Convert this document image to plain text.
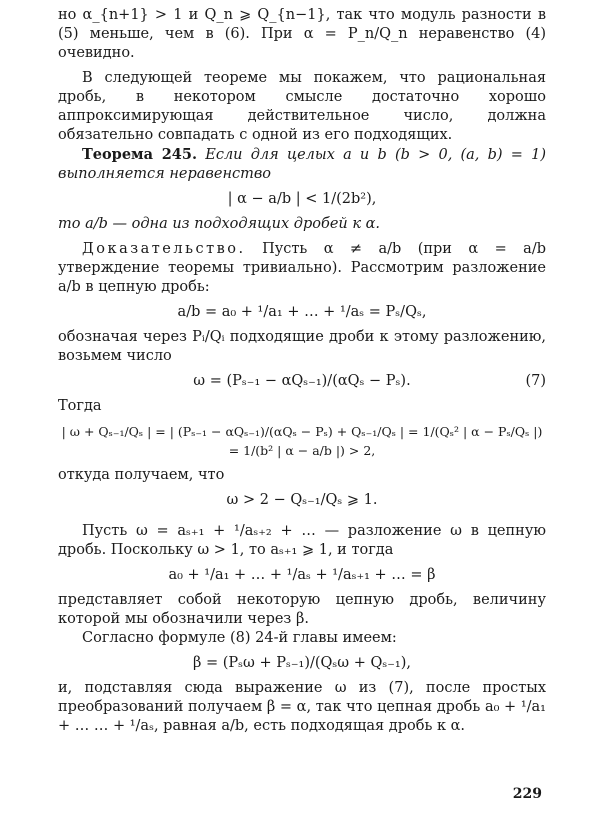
но α_{n+1} > 1 и Q_n ⩾ Q_{n−1}, так что модуль разности в (5) меньше, чем в (6). При α = P_n/Q_n неравенство (4) очевидно.

В следующей теореме мы покажем, что рациональная дробь, в некотором смысле достаточно хорошо аппроксимирующая действительное число, должна обязательно совпадать с одной из его подходящих.

Теорема 245. Если для целых a и b (b > 0, (a, b) = 1) выполняется неравенство

| α − a/b | < 1/(2b²),

то a/b — одна из подходящих дробей к α.

Доказательство. Пусть α ≠ a/b (при α = a/b утверждение теоремы тривиально). Рассмотрим разложение a/b в цепную дробь:

a/b = a₀ + ¹/a₁ + … + ¹/aₛ = Pₛ/Qₛ,

обозначая через Pᵢ/Qᵢ подходящие дроби к этому разложению, возьмем число

ω = (Pₛ₋₁ − αQₛ₋₁)/(αQₛ − Pₛ).	(7)

Тогда

| ω + Qₛ₋₁/Qₛ | = | (Pₛ₋₁ − αQₛ₋₁)/(αQₛ − Pₛ) + Qₛ₋₁/Qₛ | = 1/(Qₛ² | α − Pₛ/Qₛ |) = 1/(b² | α − a/b |) > 2,

откуда получаем, что

ω > 2 − Qₛ₋₁/Qₛ ⩾ 1.

Пусть ω = aₛ₊₁ + ¹/aₛ₊₂ + … — разложение ω в цепную дробь. Поскольку ω > 1, то aₛ₊₁ ⩾ 1, и тогда

a₀ + ¹/a₁ + … + ¹/aₛ + ¹/aₛ₊₁ + … = β

представляет собой некоторую цепную дробь, величину которой мы обозначили через β.

Согласно формуле (8) 24-й главы имеем:

β = (Pₛω + Pₛ₋₁)/(Qₛω + Qₛ₋₁),

и, подставляя сюда выражение ω из (7), после простых преобразований получаем β = α, так что цепная дробь a₀ + ¹/a₁ + … … + ¹/aₛ, равная a/b, есть подходящая дробь к α.

229
